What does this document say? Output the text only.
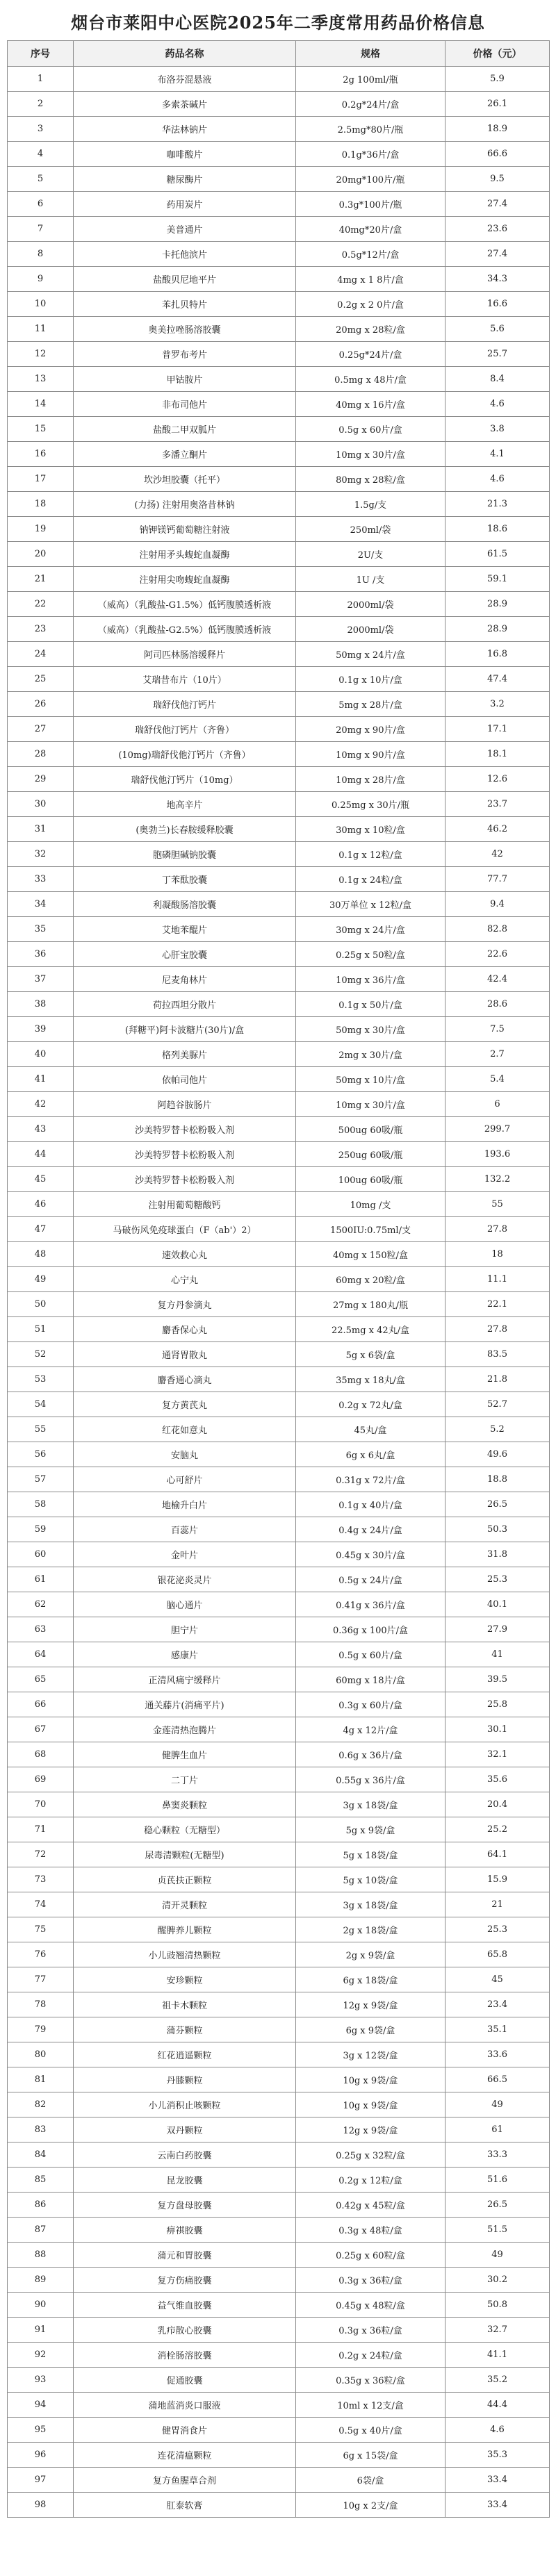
烟台市莱阳中心医院2025年二季度常用药品价格信息
序号	药品名称	规格	价格（元）
1	布洛芬混悬液	2g 100ml/瓶	5.9
2	多索茶碱片	0.2g*24片/盒	26.1
3	华法林钠片	2.5mg*80片/瓶	18.9
4	咖啡酸片	0.1g*36片/盒	66.6
5	糖尿酶片	20mg*100片/瓶	9.5
6	药用炭片	0.3g*100片/瓶	27.4
7	美普通片	40mg*20片/盒	23.6
8	卡托他滨片	0.5g*12片/盒	27.4
9	盐酸贝尼地平片	4mg x 1 8片/盒	34.3
10	苯扎贝特片	0.2g x 2 0片/盒	16.6
11	奥美拉唑肠溶胶囊	20mg x 28粒/盒	5.6
12	普罗布考片	0.25g*24片/盒	25.7
13	甲钴胺片	0.5mg x 48片/盒	8.4
14	非布司他片	40mg x 16片/盒	4.6
15	盐酸二甲双胍片	0.5g x 60片/盒	3.8
16	多潘立酮片	10mg x 30片/盒	4.1
17	坎沙坦胶囊（托平）	80mg x 28粒/盒	4.6
18	(力扬) 注射用奥洛昔林钠	1.5g/支	21.3
19	钠钾镁钙葡萄糖注射液	250ml/袋	18.6
20	注射用矛头蝮蛇血凝酶	2U/支	61.5
21	注射用尖吻蝮蛇血凝酶	1U /支	59.1
22	（威高）（乳酸盐-G1.5%）低钙腹膜透析液	2000ml/袋	28.9
23	（威高）（乳酸盐-G2.5%）低钙腹膜透析液	2000ml/袋	28.9
24	阿司匹林肠溶缓释片	50mg x 24片/盒	16.8
25	艾瑞昔布片（10片）	0.1g x 10片/盒	47.4
26	瑞舒伐他汀钙片	5mg x 28片/盒	3.2
27	瑞舒伐他汀钙片（齐鲁）	20mg x 90片/盒	17.1
28	(10mg)瑞舒伐他汀钙片（齐鲁）	10mg x 90片/盒	18.1
29	瑞舒伐他汀钙片（10mg）	10mg x 28片/盒	12.6
30	地高辛片	0.25mg x 30片/瓶	23.7
31	(奥勃兰)长春胺缓释胶囊	30mg x 10粒/盒	46.2
32	胞磷胆碱钠胶囊	0.1g x 12粒/盒	42
33	丁苯酞胶囊	0.1g x 24粒/盒	77.7
34	利凝酸肠溶胶囊	30万单位 x 12粒/盒	9.4
35	艾地苯醌片	30mg x 24片/盒	82.8
36	心肝宝胶囊	0.25g x 50粒/盒	22.6
37	尼麦角林片	10mg x 36片/盒	42.4
38	荷拉西坦分散片	0.1g x 50片/盒	28.6
39	(拜糖平)阿卡波糖片(30片)/盒	50mg x 30片/盒	7.5
40	格列美脲片	2mg x 30片/盒	2.7
41	依帕司他片	50mg x 10片/盒	5.4
42	阿趋谷胺肠片	10mg x 30片/盒	6
43	沙美特罗替卡松粉吸入剂	500ug 60吸/瓶	299.7
44	沙美特罗替卡松粉吸入剂	250ug 60吸/瓶	193.6
45	沙美特罗替卡松粉吸入剂	100ug 60吸/瓶	132.2
46	注射用葡萄糖酸钙	10mg /支	55
47	马破伤风免疫球蛋白（F（ab'）2）	1500IU:0.75ml/支	27.8
48	速效救心丸	40mg x 150粒/盒	18
49	心宁丸	60mg x 20粒/盒	11.1
50	复方丹参滴丸	27mg x 180丸/瓶	22.1
51	麝香保心丸	22.5mg x 42丸/盒	27.8
52	通肾胃散丸	5g x 6袋/盒	83.5
53	麝香通心滴丸	35mg x 18丸/盒	21.8
54	复方黄芪丸	0.2g x 72丸/盒	52.7
55	红花如意丸	45丸/盒	5.2
56	安脑丸	6g x 6丸/盒	49.6
57	心可舒片	0.31g x 72片/盒	18.8
58	地榆升白片	0.1g x 40片/盒	26.5
59	百蕊片	0.4g x 24片/盒	50.3
60	金叶片	0.45g x 30片/盒	31.8
61	银花泌炎灵片	0.5g x 24片/盒	25.3
62	脑心通片	0.41g x 36片/盒	40.1
63	胆宁片	0.36g x 100片/盒	27.9
64	感康片	0.5g x 60片/盒	41
65	正清风痛宁缓释片	60mg x 18片/盒	39.5
66	通关藤片(消痛平片)	0.3g x 60片/盒	25.8
67	金莲清热泡腾片	4g x 12片/盒	30.1
68	健脾生血片	0.6g x 36片/盒	32.1
69	二丁片	0.55g x 36片/盒	35.6
70	鼻窦炎颗粒	3g x 18袋/盒	20.4
71	稳心颗粒（无糖型）	5g x 9袋/盒	25.2
72	尿毒清颗粒(无糖型)	5g x 18袋/盒	64.1
73	贞芪扶正颗粒	5g x 10袋/盒	15.9
74	清开灵颗粒	3g x 18袋/盒	21
75	醒脾养儿颗粒	2g x 18袋/盒	25.3
76	小儿豉翘清热颗粒	2g x 9袋/盒	65.8
77	安珍颗粒	6g x 18袋/盒	45
78	祖卡木颗粒	12g x 9袋/盒	23.4
79	蒲芬颗粒	6g x 9袋/盒	35.1
80	红花逍遥颗粒	3g x 12袋/盒	33.6
81	丹膝颗粒	10g x 9袋/盒	66.5
82	小儿消积止咳颗粒	10g x 9袋/盒	49
83	双丹颗粒	12g x 9袋/盒	61
84	云南白药胶囊	0.25g x 32粒/盒	33.3
85	昆龙胶囊	0.2g x 12粒/盒	51.6
86	复方盘母胶囊	0.42g x 45粒/盒	26.5
87	痹祺胶囊	0.3g x 48粒/盒	51.5
88	蒲元和胃胶囊	0.25g x 60粒/盒	49
89	复方伤痛胶囊	0.3g x 36粒/盒	30.2
90	益气维血胶囊	0.45g x 48粒/盒	50.8
91	乳疖散心胶囊	0.3g x 36粒/盒	32.7
92	消栓肠溶胶囊	0.2g x 24粒/盒	41.1
93	促通胶囊	0.35g x 36粒/盒	35.2
94	蒲地蓝消炎口服液	10ml x 12支/盒	44.4
95	健胃消食片	0.5g x 40片/盒	4.6
96	连花清瘟颗粒	6g x 15袋/盒	35.3
97	复方鱼腥草合剂	6袋/盒	33.4
98	肛泰软膏	10g x 2支/盒	33.4
